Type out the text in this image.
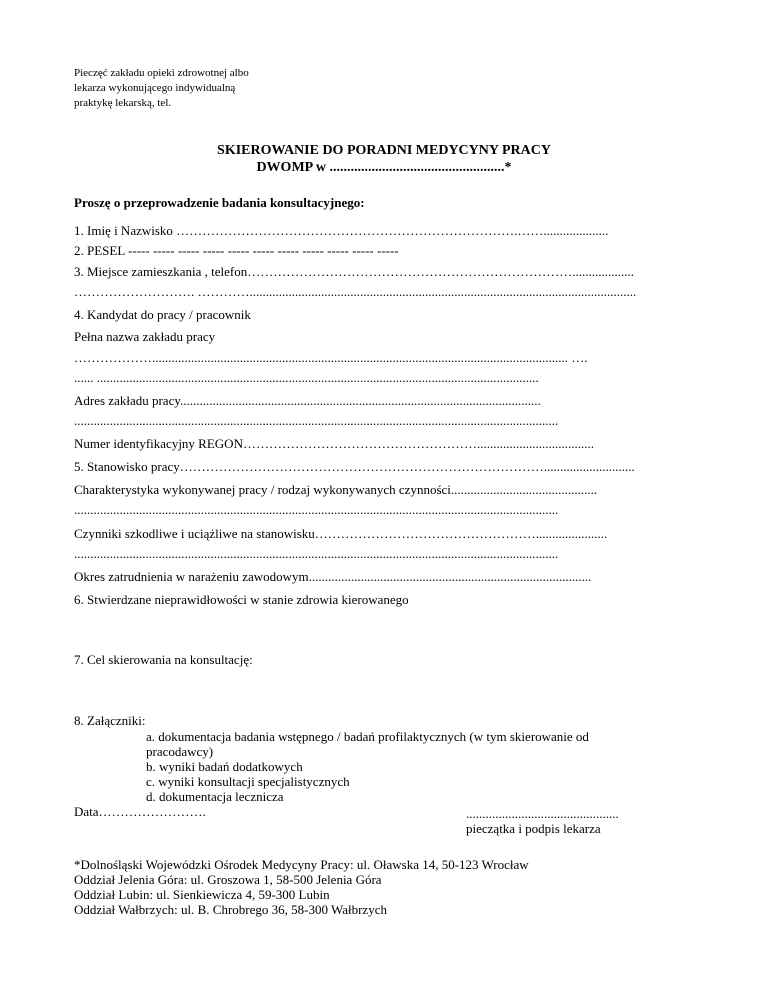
Pieczęć zakładu opieki zdrowotnej albo
lekarza wykonującego indywidualną
praktykę lekarską, tel.
SKIEROWANIE DO PORADNI MEDYCYNY PRACY
DWOMP w ..................................................*
Proszę o przeprowadzenie badania konsultacyjnego:
1. Imię i Nazwisko …………………………………………………………………….……....................
2. PESEL ----- ----- ----- ----- ----- ----- ----- ----- ----- ----- -----
3. Miejsce zamieszkania , telefon…………………………………………………………………...................
………………………. ………….......................................................................................................................
4. Kandydat do pracy / pracownik
Pełna nazwa zakładu pracy
………………................................................................................................................................ ….
...... ........................................................................................................................................
Adres zakładu pracy...............................................................................................................
.....................................................................................................................................................
Numer identyfikacyjny REGON………………………………………………....................................
5. Stanowisko pracy…………………………………………………………………………............................
Charakterystyka wykonywanej pracy / rodzaj wykonywanych czynności.............................................
.....................................................................................................................................................
Czynniki szkodliwe i uciążliwe na stanowisku……………………………………………......................
.....................................................................................................................................................
Okres zatrudnienia w narażeniu zawodowym.......................................................................................
6. Stwierdzane nieprawidłowości w stanie zdrowia kierowanego
7. Cel skierowania na konsultację:
8. Załączniki:
a. dokumentacja badania wstępnego / badań profilaktycznych (w tym skierowanie od
pracodawcy)
b. wyniki badań dodatkowych
c. wyniki konsultacji specjalistycznych
d. dokumentacja lecznicza
Data…………………….	...............................................
pieczątka i podpis lekarza
*Dolnośląski Wojewódzki Ośrodek Medycyny Pracy: ul. Oławska 14, 50-123 Wrocław
Oddział Jelenia Góra: ul. Groszowa 1, 58-500 Jelenia Góra
Oddział Lubin: ul. Sienkiewicza 4, 59-300 Lubin
Oddział Wałbrzych: ul. B. Chrobrego 36, 58-300 Wałbrzych
